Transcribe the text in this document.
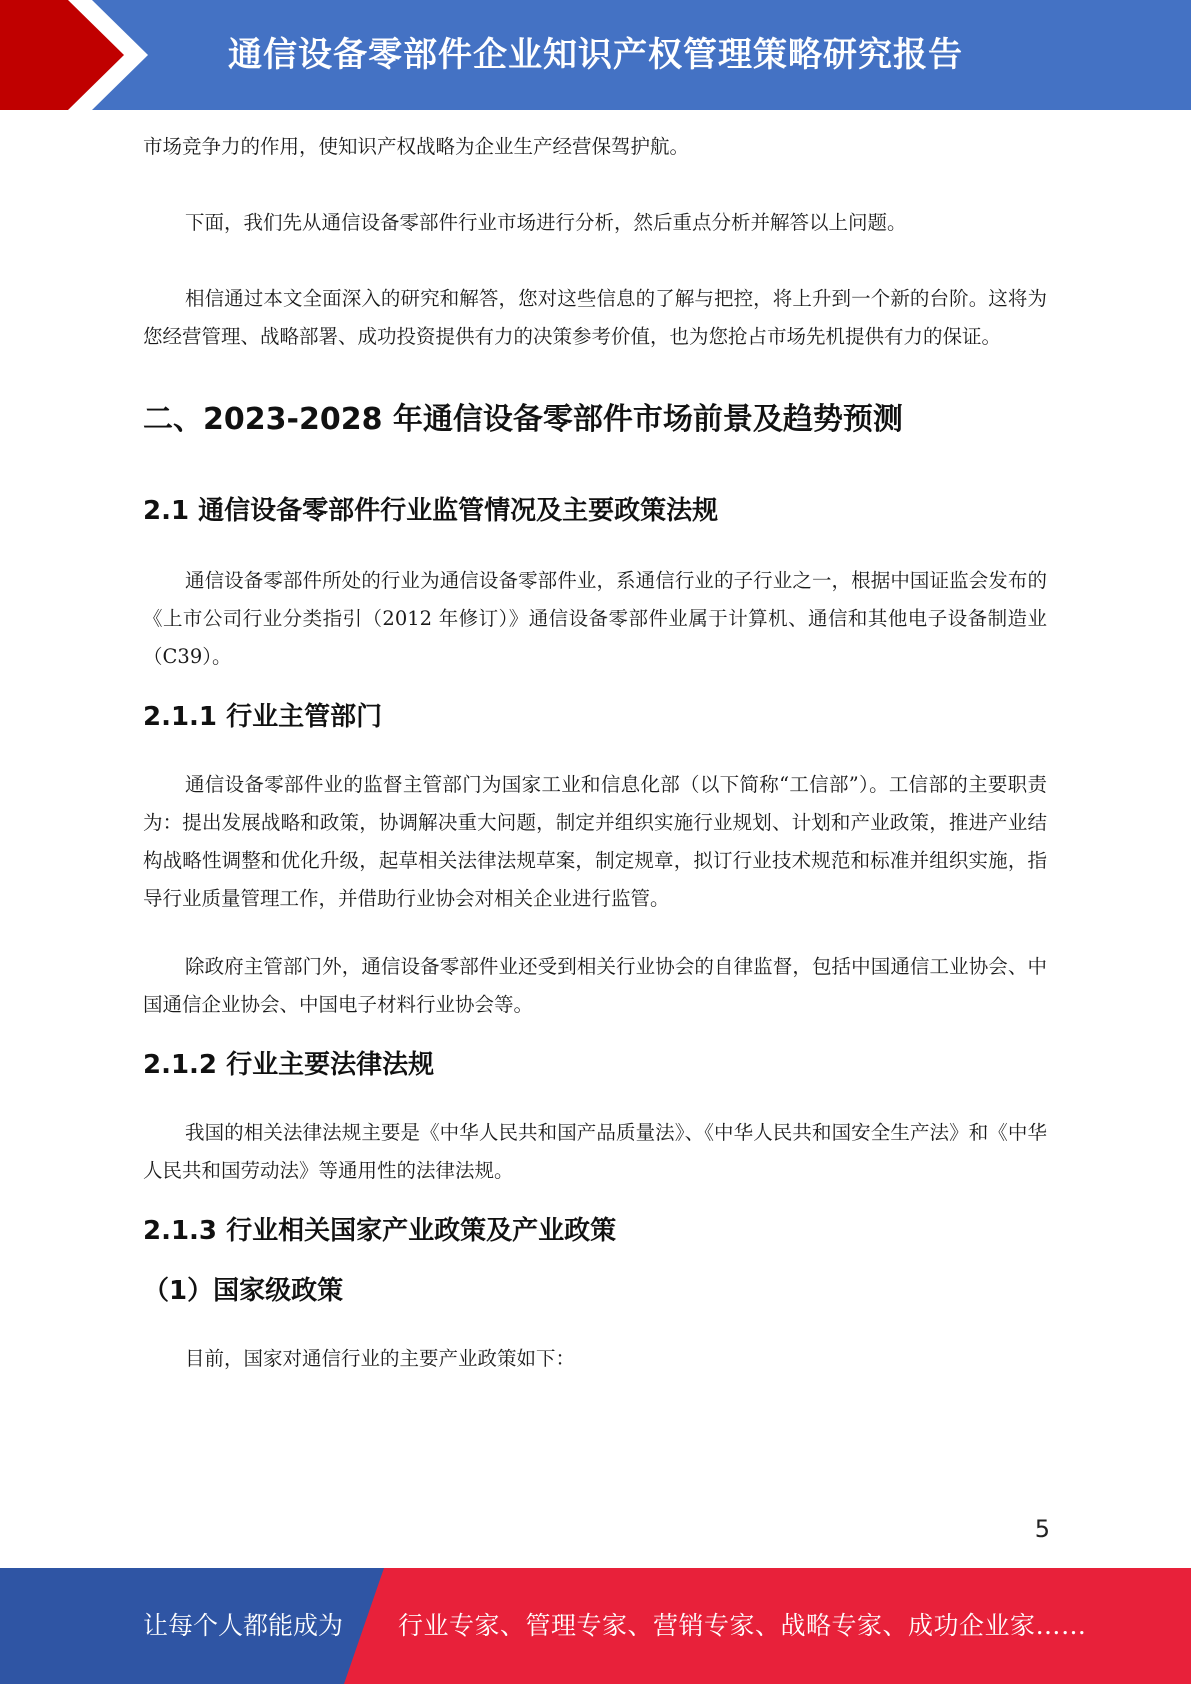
通信设备零部件企业知识产权管理策略研究报告

市场竞争力的作用，使知识产权战略为企业生产经营保驾护航。

下面，我们先从通信设备零部件行业市场进行分析，然后重点分析并解答以上问题。

相信通过本文全面深入的研究和解答，您对这些信息的了解与把控，将上升到一个新的台阶。这将为您经营管理、战略部署、成功投资提供有力的决策参考价值，也为您抢占市场先机提供有力的保证。

二、2023-2028 年通信设备零部件市场前景及趋势预测
2.1 通信设备零部件行业监管情况及主要政策法规

通信设备零部件所处的行业为通信设备零部件业，系通信行业的子行业之一，根据中国证监会发布的《上市公司行业分类指引（2012 年修订）》通信设备零部件业属于计算机、通信和其他电子设备制造业（C39）。

2.1.1 行业主管部门

通信设备零部件业的监督主管部门为国家工业和信息化部（以下简称“工信部”）。工信部的主要职责为：提出发展战略和政策，协调解决重大问题，制定并组织实施行业规划、计划和产业政策，推进产业结构战略性调整和优化升级，起草相关法律法规草案，制定规章，拟订行业技术规范和标准并组织实施，指导行业质量管理工作，并借助行业协会对相关企业进行监管。

除政府主管部门外，通信设备零部件业还受到相关行业协会的自律监督，包括中国通信工业协会、中国通信企业协会、中国电子材料行业协会等。

2.1.2 行业主要法律法规

我国的相关法律法规主要是《中华人民共和国产品质量法》、《中华人民共和国安全生产法》和《中华人民共和国劳动法》等通用性的法律法规。

2.1.3 行业相关国家产业政策及产业政策
（1）国家级政策

目前，国家对通信行业的主要产业政策如下：

5
让每个人都能成为 行业专家、管理专家、营销专家、战略专家、成功企业家……
